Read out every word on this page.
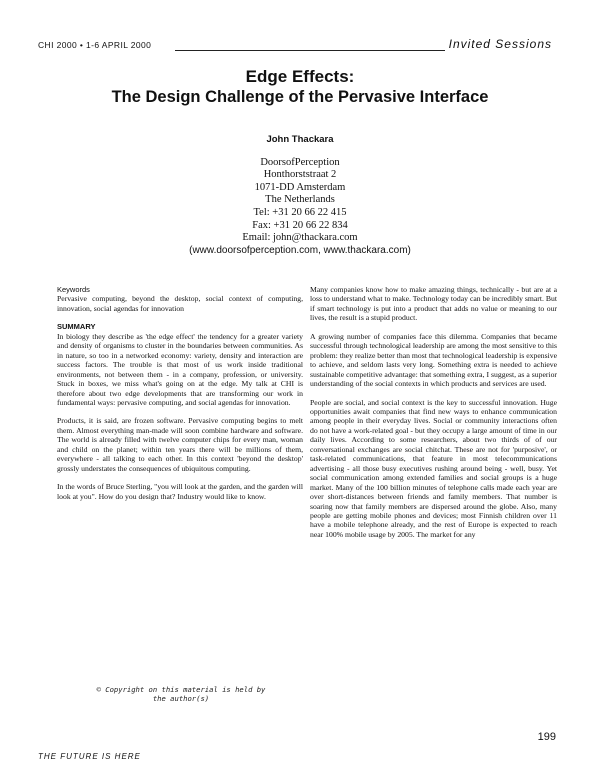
CHI 2000 • 1-6 APRIL 2000	Invited Sessions
Edge Effects:
The Design Challenge of the Pervasive Interface
John Thackara
DoorsofPerception
Honthorststraat 2
1071-DD Amsterdam
The Netherlands
Tel: +31 20 66 22 415
Fax: +31 20 66 22 834
Email: john@thackara.com
(www.doorsofperception.com, www.thackara.com)
Keywords

Pervasive computing, beyond the desktop, social context of computing, innovation, social agendas for innovation

SUMMARY

In biology they describe as 'the edge effect' the tendency for a greater variety and density of organisms to cluster in the boundaries between communities. As in nature, so too in a networked economy: variety, density and interaction are success factors. The trouble is that most of us work inside traditional environments, not between them - in a company, profession, or university. Stuck in boxes, we miss what's going on at the edge. My talk at CHI is therefore about two edge developments that are transforming our work in fundamental ways: pervasive computing, and social agendas for innovation.

Products, it is said, are frozen software. Pervasive computing begins to melt them. Almost everything man-made will soon combine hardware and software. The world is already filled with twelve computer chips for every man, woman and child on the planet; within ten years there will be millions of them, everywhere - all talking to each other. In this context 'beyond the desktop' grossly understates the consequences of ubiquitous computing.

In the words of Bruce Sterling, "you will look at the garden, and the garden will look at you". How do you design that? Industry would like to know.

Many companies know how to make amazing things, technically - but are at a loss to understand what to make. Technology today can be incredibly smart. But if smart technology is put into a product that adds no value or meaning to our lives, the result is a stupid product.

A growing number of companies face this dilemma. Companies that became successful through technological leadership are among the most sensitive to this problem: they realize better than most that technological leadership is expensive to achieve, and seldom lasts very long. Something extra is needed to achieve sustainable competitive advantage: that something extra, I suggest, as a superior understanding of the social contexts in which products and services are used.

People are social, and social context is the key to successful innovation. Huge opportunities await companies that find new ways to enhance communication among people in their everyday lives. Social or community interactions often do not have a work-related goal - but they occupy a large amount of time in our daily lives. According to some researchers, about two thirds of of our conversational exchanges are social chitchat. These are not for 'purposive', or task-related communications, that feature in most telecommunications advertising - all those busy executives rushing around being - well, busy. Yet social communication among extended families and social groups is a huge market. Many of the 100 billion minutes of telephone calls made each year are over short-distances between friends and family members. That number is soaring now that family members are dispersed around the globe. Also, many people are getting mobile phones and devices; most Finnish children over 11 have a mobile telephone already, and the rest of Europe is expected to reach near 100% mobile usage by 2005. The market for any

© Copyright on this material is held by
the author(s)
THE FUTURE IS HERE
199
